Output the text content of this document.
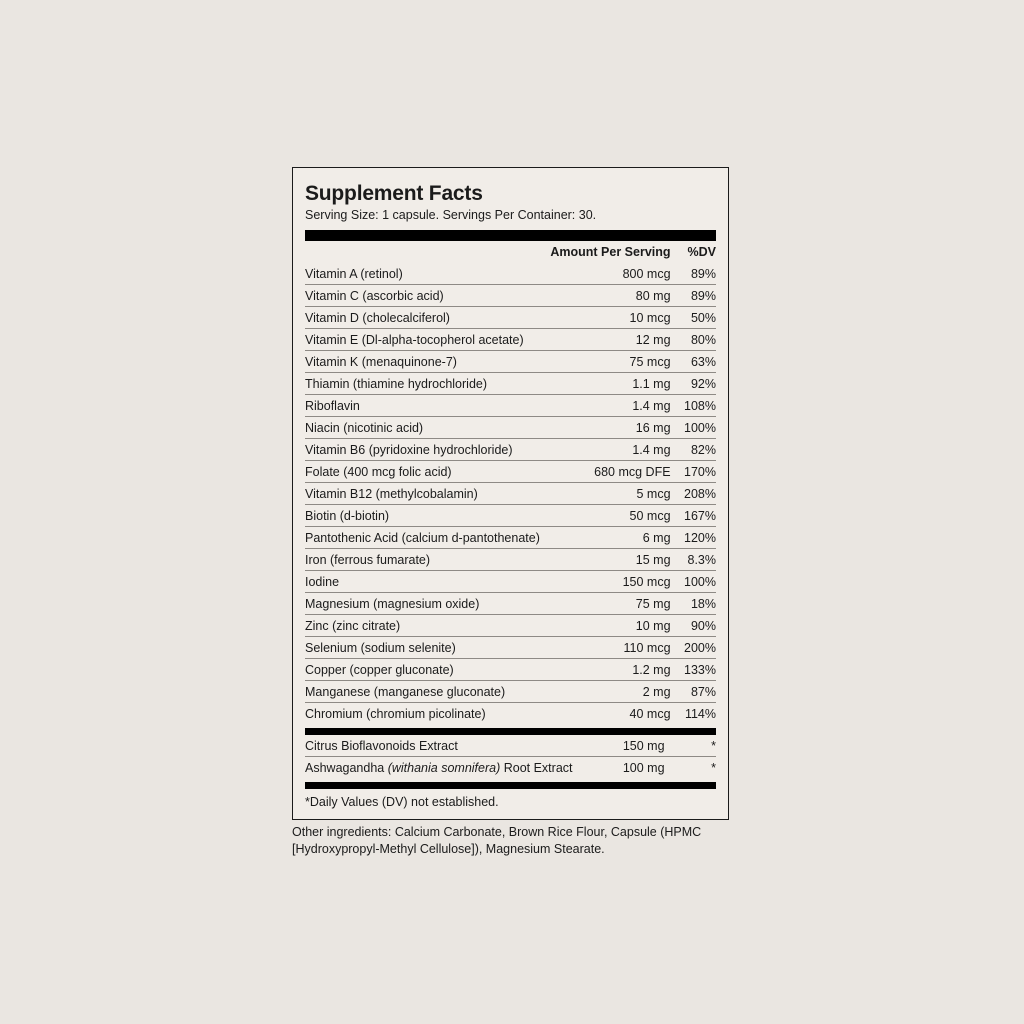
Supplement Facts
Serving Size: 1 capsule. Servings Per Container: 30.
	Amount Per Serving	%DV
Vitamin A (retinol)	800 mcg	89%
Vitamin C (ascorbic acid)	80 mg	89%
Vitamin D (cholecalciferol)	10 mcg	50%
Vitamin E (Dl-alpha-tocopherol acetate)	12 mg	80%
Vitamin K (menaquinone-7)	75 mcg	63%
Thiamin (thiamine hydrochloride)	1.1 mg	92%
Riboflavin	1.4 mg	108%
Niacin (nicotinic acid)	16 mg	100%
Vitamin B6 (pyridoxine hydrochloride)	1.4 mg	82%
Folate (400 mcg folic acid)	680 mcg DFE	170%
Vitamin B12 (methylcobalamin)	5 mcg	208%
Biotin (d-biotin)	50 mcg	167%
Pantothenic Acid (calcium d-pantothenate)	6 mg	120%
Iron (ferrous fumarate)	15 mg	8.3%
Iodine	150 mcg	100%
Magnesium (magnesium oxide)	75 mg	18%
Zinc (zinc citrate)	10 mg	90%
Selenium (sodium selenite)	110 mcg	200%
Copper (copper gluconate)	1.2 mg	133%
Manganese (manganese gluconate)	2 mg	87%
Chromium (chromium picolinate)	40 mcg	114%
Citrus Bioflavonoids Extract	150 mg	*
Ashwagandha (withania somnifera) Root Extract	100 mg	*
*Daily Values (DV) not established.
Other ingredients: Calcium Carbonate, Brown Rice Flour, Capsule (HPMC [Hydroxypropyl-Methyl Cellulose]), Magnesium Stearate.
